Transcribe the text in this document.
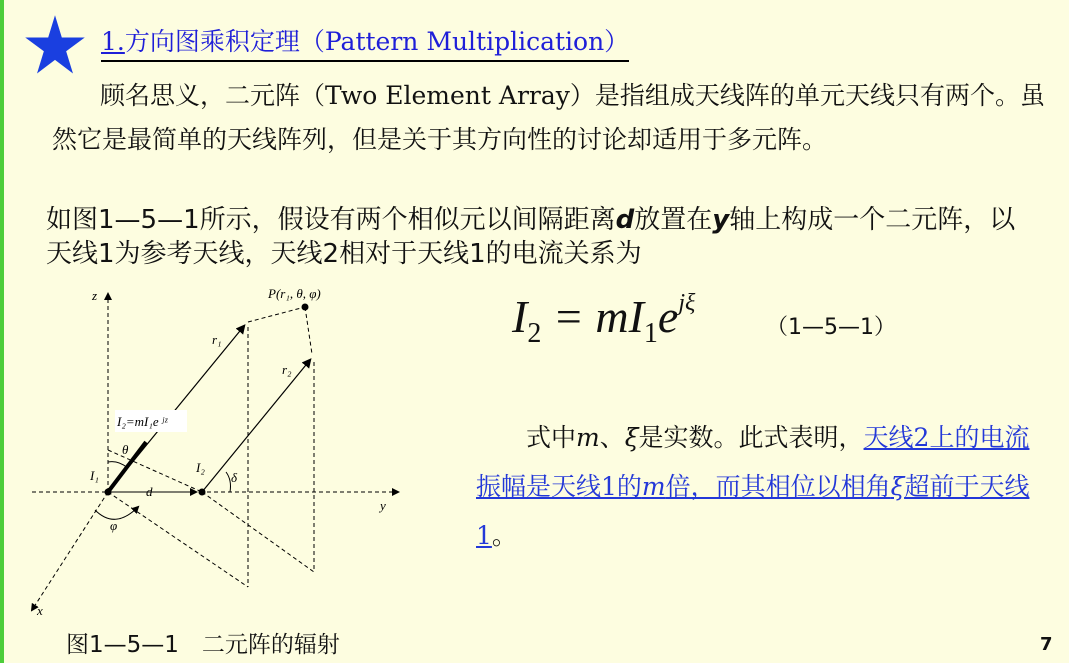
1.方向图乘积定理（Pattern Multiplication）
顾名思义，二元阵（Two Element Array）是指组成天线阵的单元天线只有两个。虽然它是最简单的天线阵列，但是关于其方向性的讨论却适用于多元阵。
如图1—5—1所示，假设有两个相似元以间隔距离d放置在y轴上构成一个二元阵，以天线1为参考天线，天线2相对于天线1的电流关系为
z
x
y
P(r₁, θ, φ)
r₁
r₂
I₂=mI₁e ʲᶻ
θ
φ
δ
d
I₁
I₂
图1—5—1　二元阵的辐射
$I_2 = mI_1e^{j\xi}$
（1—5—1）
式中m、ξ是实数。此式表明，天线2上的电流振幅是天线1的m倍，而其相位以相角ξ超前于天线1。
7
